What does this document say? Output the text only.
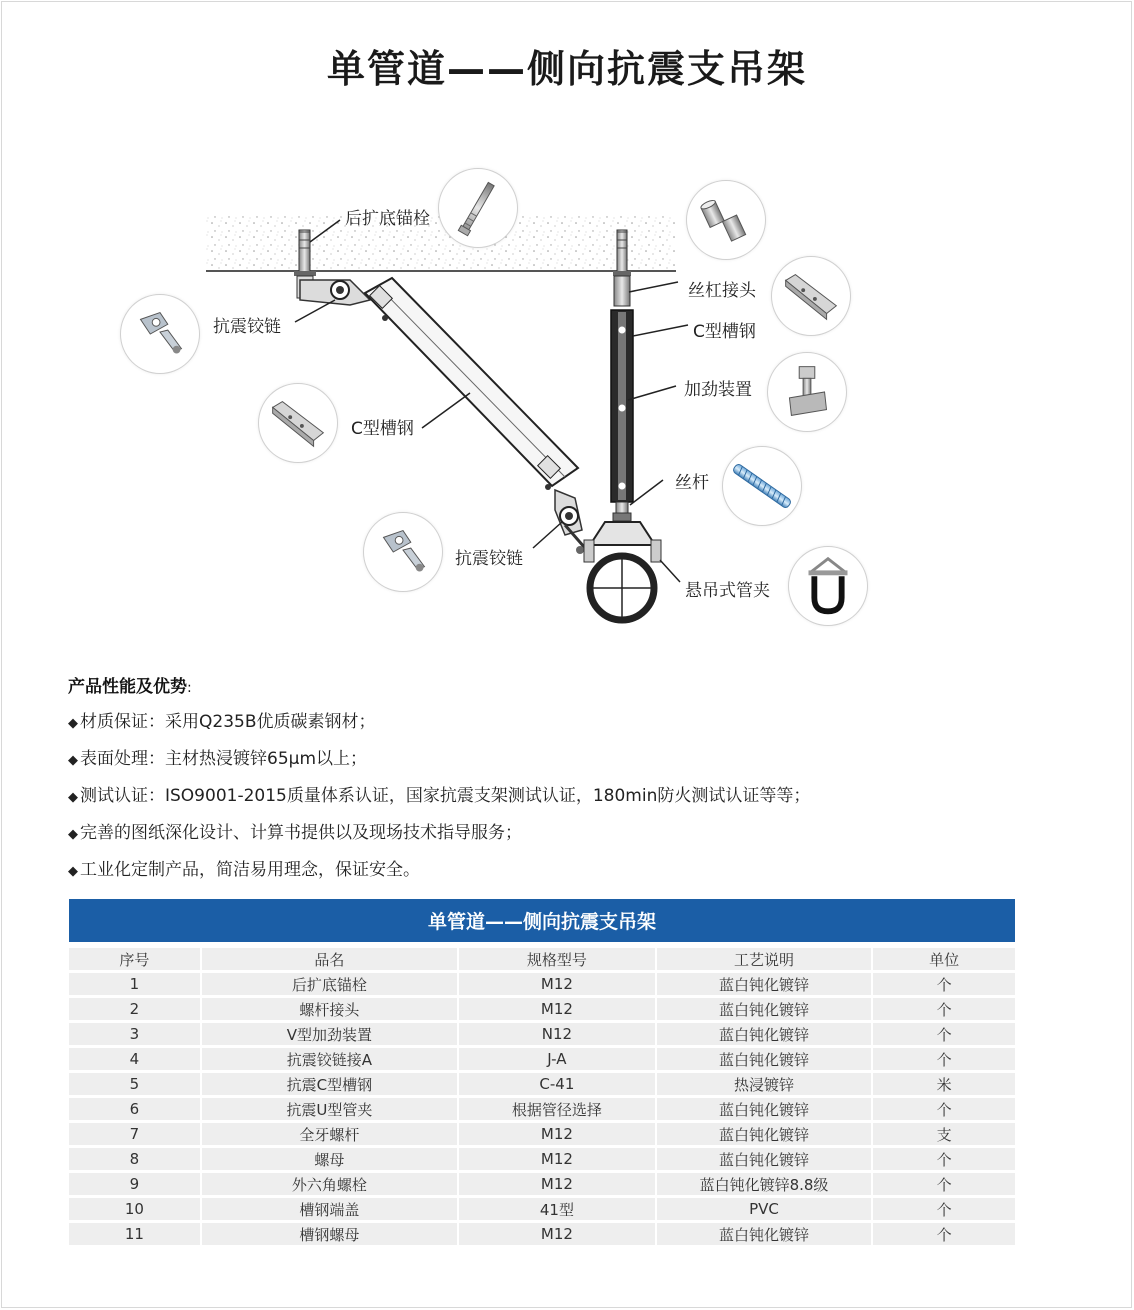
单管道——侧向抗震支吊架
后扩底锚栓
抗震铰链
C型槽钢
抗震铰链
丝杠接头
C型槽钢
加劲装置
丝杆
悬吊式管夹
产品性能及优势:
◆ 材质保证：采用Q235B优质碳素钢材；
◆ 表面处理：主材热浸镀锌65μm以上；
◆ 测试认证：ISO9001-2015质量体系认证，国家抗震支架测试认证，180min防火测试认证等等；
◆ 完善的图纸深化设计、计算书提供以及现场技术指导服务；
◆ 工业化定制产品，简洁易用理念，保证安全。
单管道——侧向抗震支吊架				
序号	品名	规格型号	工艺说明	单位
1	后扩底锚栓	M12	蓝白钝化镀锌	个
2	螺杆接头	M12	蓝白钝化镀锌	个
3	V型加劲装置	N12	蓝白钝化镀锌	个
4	抗震铰链接A	J-A	蓝白钝化镀锌	个
5	抗震C型槽钢	C-41	热浸镀锌	米
6	抗震U型管夹	根据管径选择	蓝白钝化镀锌	个
7	全牙螺杆	M12	蓝白钝化镀锌	支
8	螺母	M12	蓝白钝化镀锌	个
9	外六角螺栓	M12	蓝白钝化镀锌8.8级	个
10	槽钢端盖	41型	PVC	个
11	槽钢螺母	M12	蓝白钝化镀锌	个
